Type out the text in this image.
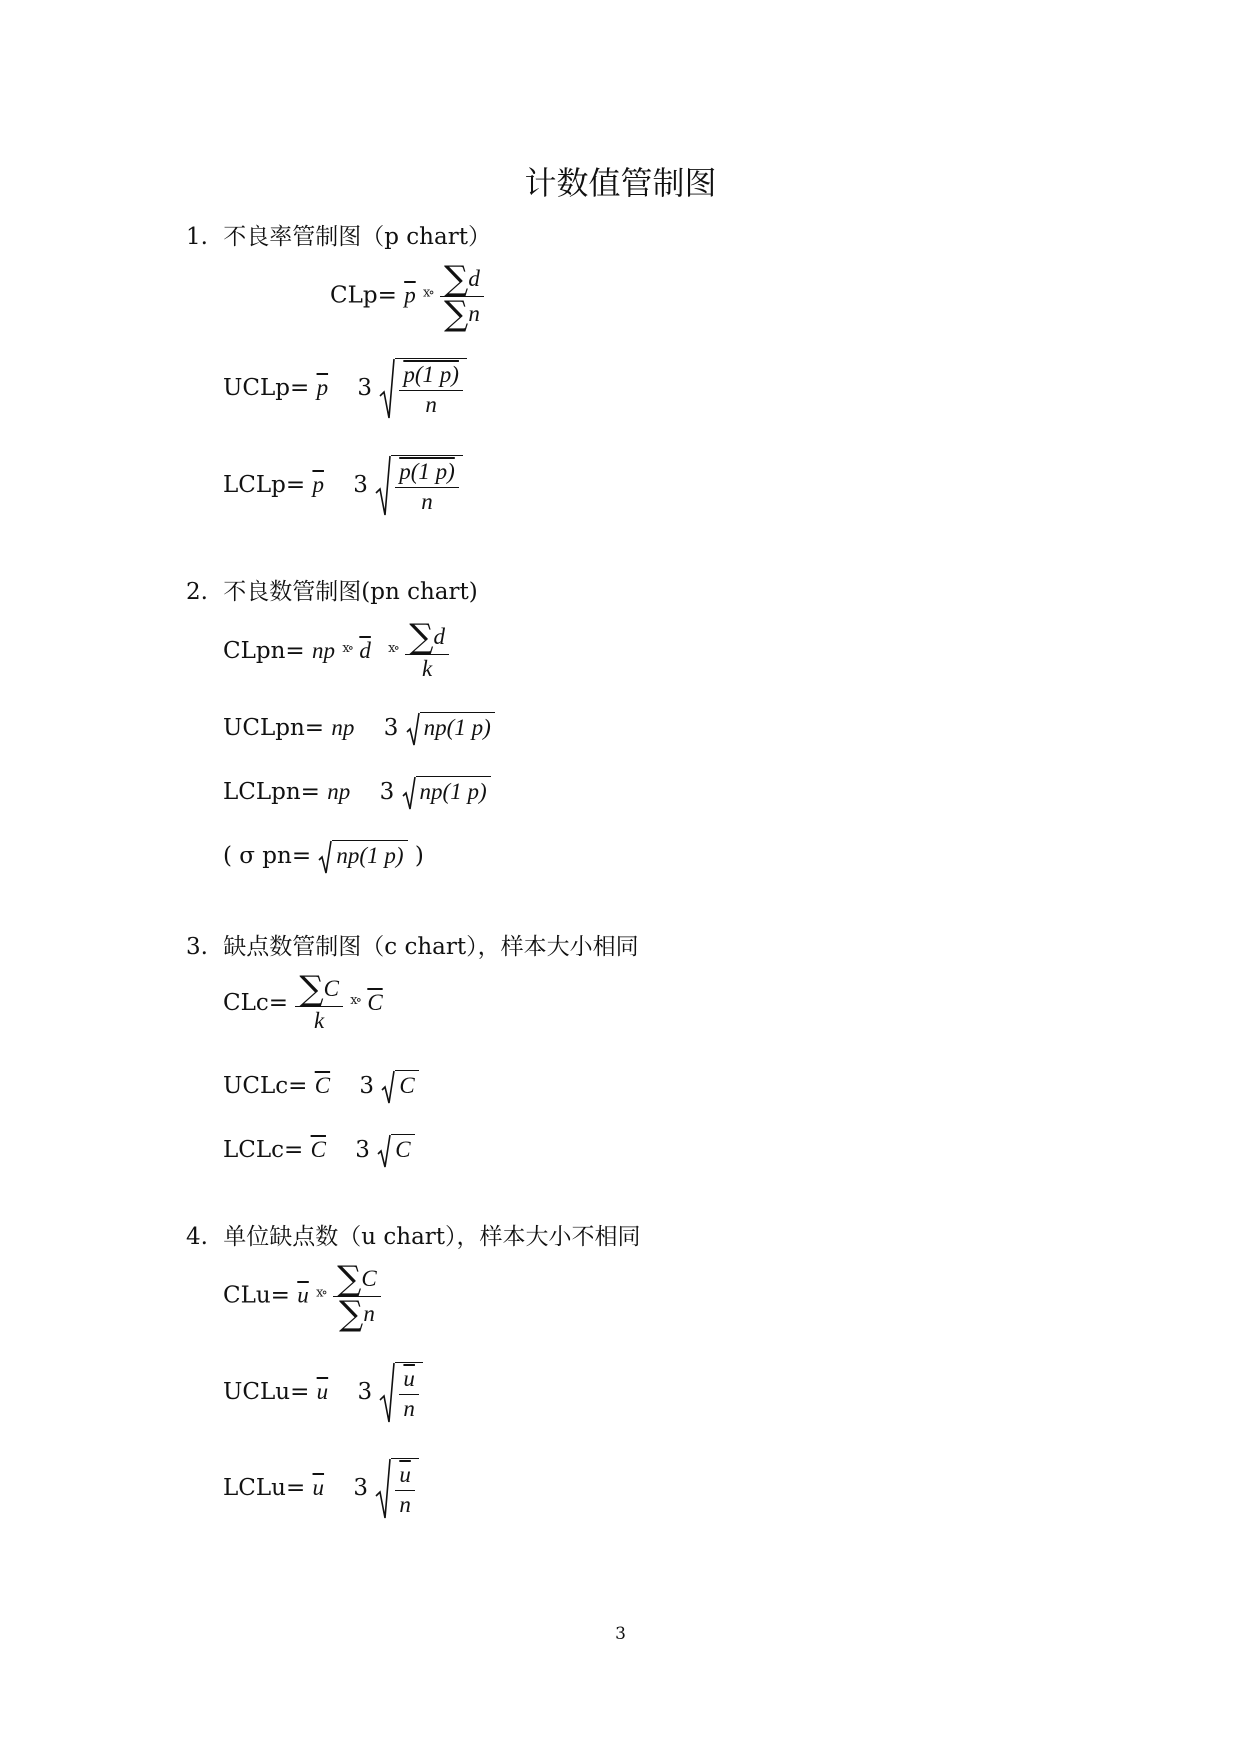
计数值管制图
1. 不良率管制图（p chart）
$CLp= \overline{p}$ $^{ⅹ\circ} \frac{\sum d}{\sum n}$
UCLp= $\overline{p}$ $3 \frac{p(1 p)}{n}$
LCLp= $\overline{p}$ $3 \frac{p(1 p)}{n}$
2. 不良数管制图(pn chart)
CLpn= np $^{ⅹ\circ}$ $\overline{d}$ $^{ⅹ\circ} \frac{\sum d}{k}$
UCLpn= np 3 np(1 p)
LCLpn= np 3 np(1 p)
( σ pn= np(1 p) )
3. 缺点数管制图（c chart），样本大小相同
$CLc= \frac{\sum C}{k} ^{ⅹ\circ}$ $\overline{C}$
UCLc= $\overline{C}$ 3 C
LCLc= $\overline{C}$ 3 C
4. 单位缺点数（u chart），样本大小不相同
$CLu= \overline{u}$ $^{ⅹ\circ} \frac{\sum C}{\sum n}$
UCLu= $\overline{u}$ $3 \frac{\overline{u}}{n}$
LCLu= $\overline{u}$ $3 \frac{\overline{u}}{n}$
3
